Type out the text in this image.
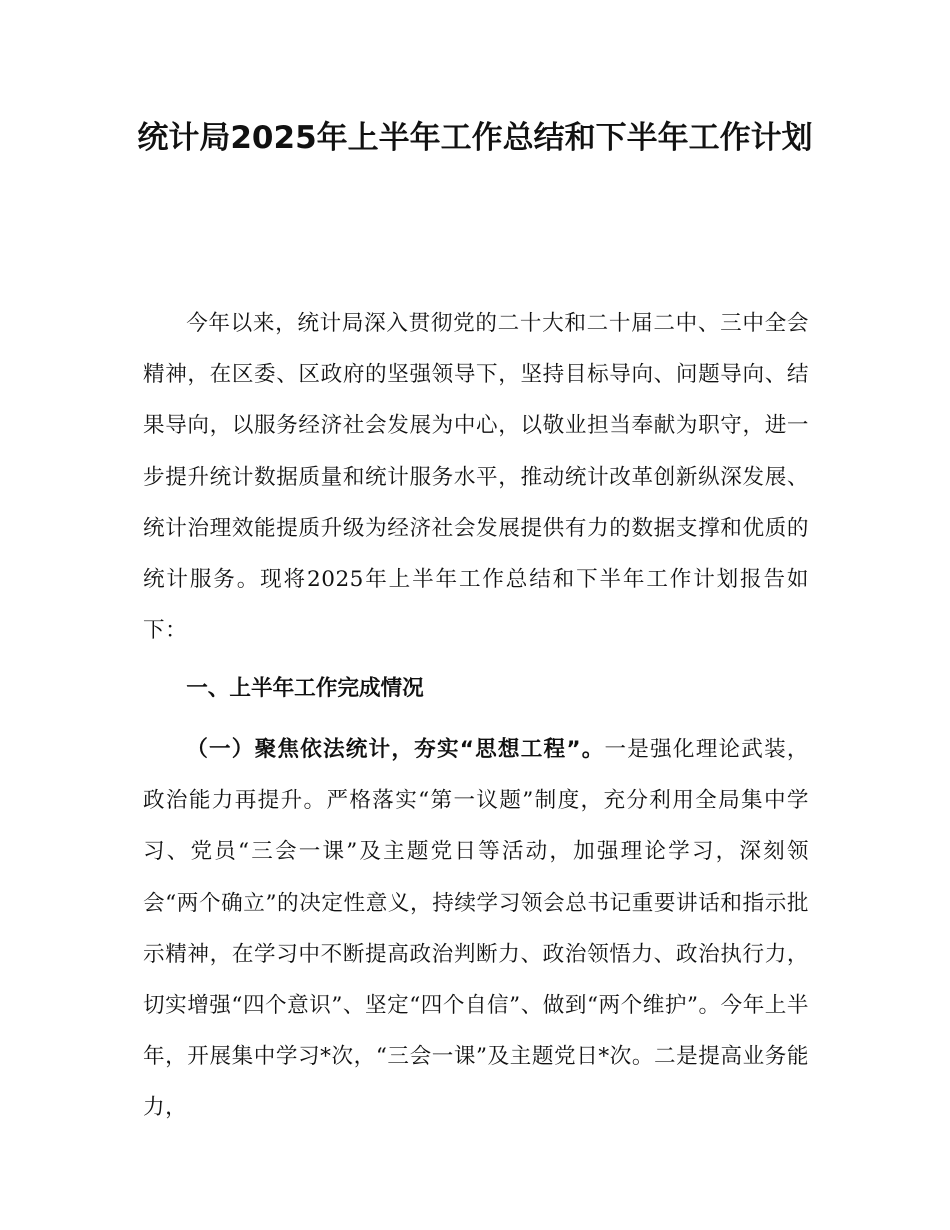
统计局2025年上半年工作总结和下半年工作计划

今年以来，统计局深入贯彻党的二十大和二十届二中、三中全会精神，在区委、区政府的坚强领导下，坚持目标导向、问题导向、结果导向，以服务经济社会发展为中心，以敬业担当奉献为职守，进一步提升统计数据质量和统计服务水平，推动统计改革创新纵深发展、统计治理效能提质升级为经济社会发展提供有力的数据支撑和优质的统计服务。现将2025年上半年工作总结和下半年工作计划报告如下：

一、上半年工作完成情况

（一）聚焦依法统计，夯实“思想工程”。一是强化理论武装，政治能力再提升。严格落实“第一议题”制度，充分利用全局集中学习、党员“三会一课”及主题党日等活动，加强理论学习，深刻领会“两个确立”的决定性意义，持续学习领会总书记重要讲话和指示批示精神，在学习中不断提高政治判断力、政治领悟力、政治执行力，切实增强“四个意识”、坚定“四个自信”、做到“两个维护”。今年上半年，开展集中学习*次，“三会一课”及主题党日*次。二是提高业务能力，
